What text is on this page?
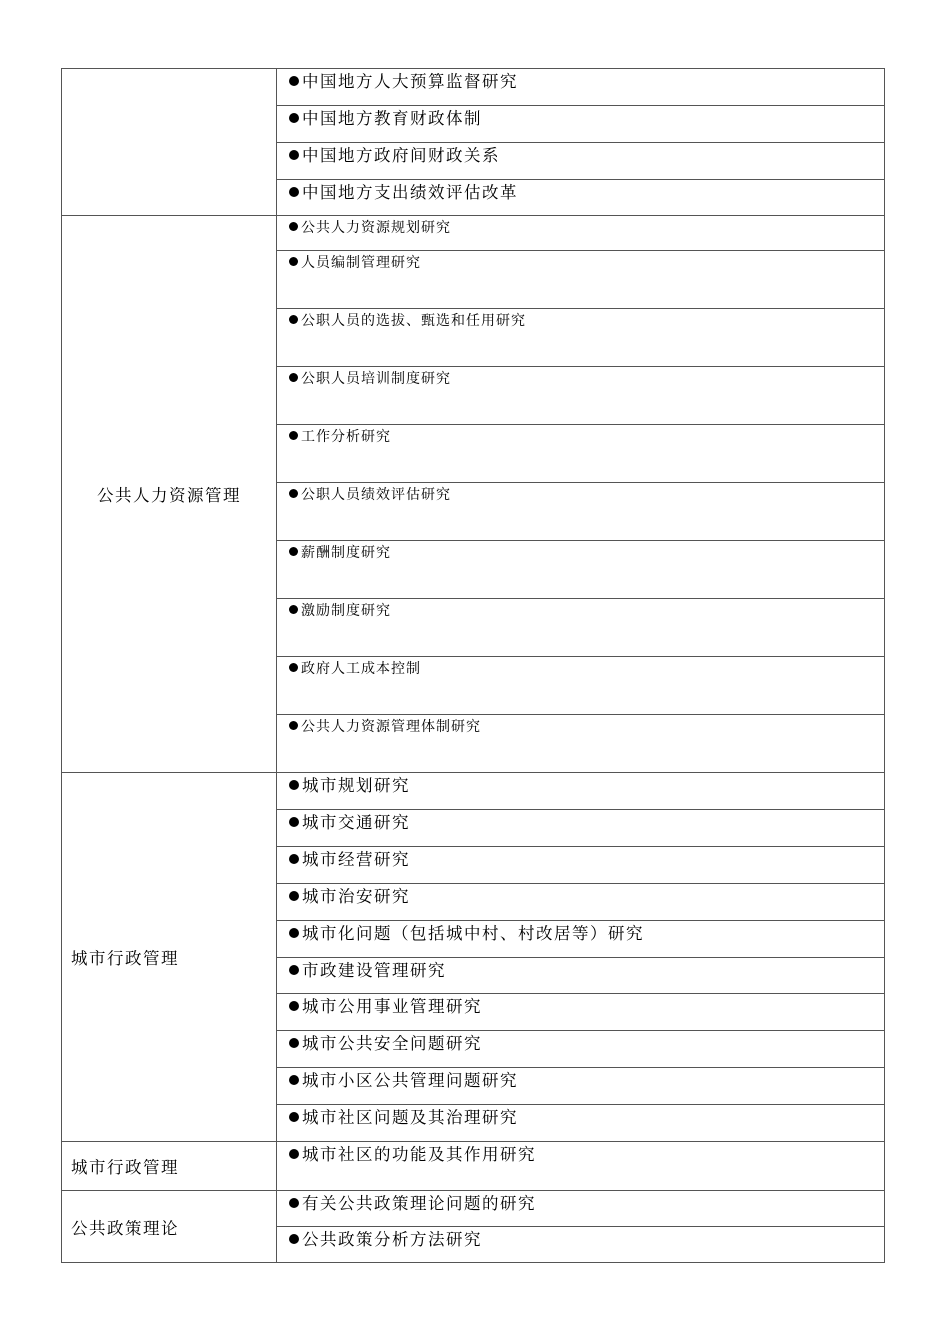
	中国地方人大预算监督研究
	中国地方教育财政体制
	中国地方政府间财政关系
	中国地方支出绩效评估改革
公共人力资源管理	公共人力资源规划研究
	人员编制管理研究
	公职人员的选拔、甄选和任用研究
	公职人员培训制度研究
	工作分析研究
	公职人员绩效评估研究
	薪酬制度研究
	激励制度研究
	政府人工成本控制
	公共人力资源管理体制研究
城市行政管理	城市规划研究
	城市交通研究
	城市经营研究
	城市治安研究
	城市化问题（包括城中村、村改居等）研究
	市政建设管理研究
	城市公用事业管理研究
	城市公共安全问题研究
	城市小区公共管理问题研究
	城市社区问题及其治理研究
城市行政管理	城市社区的功能及其作用研究
公共政策理论	有关公共政策理论问题的研究
	公共政策分析方法研究
